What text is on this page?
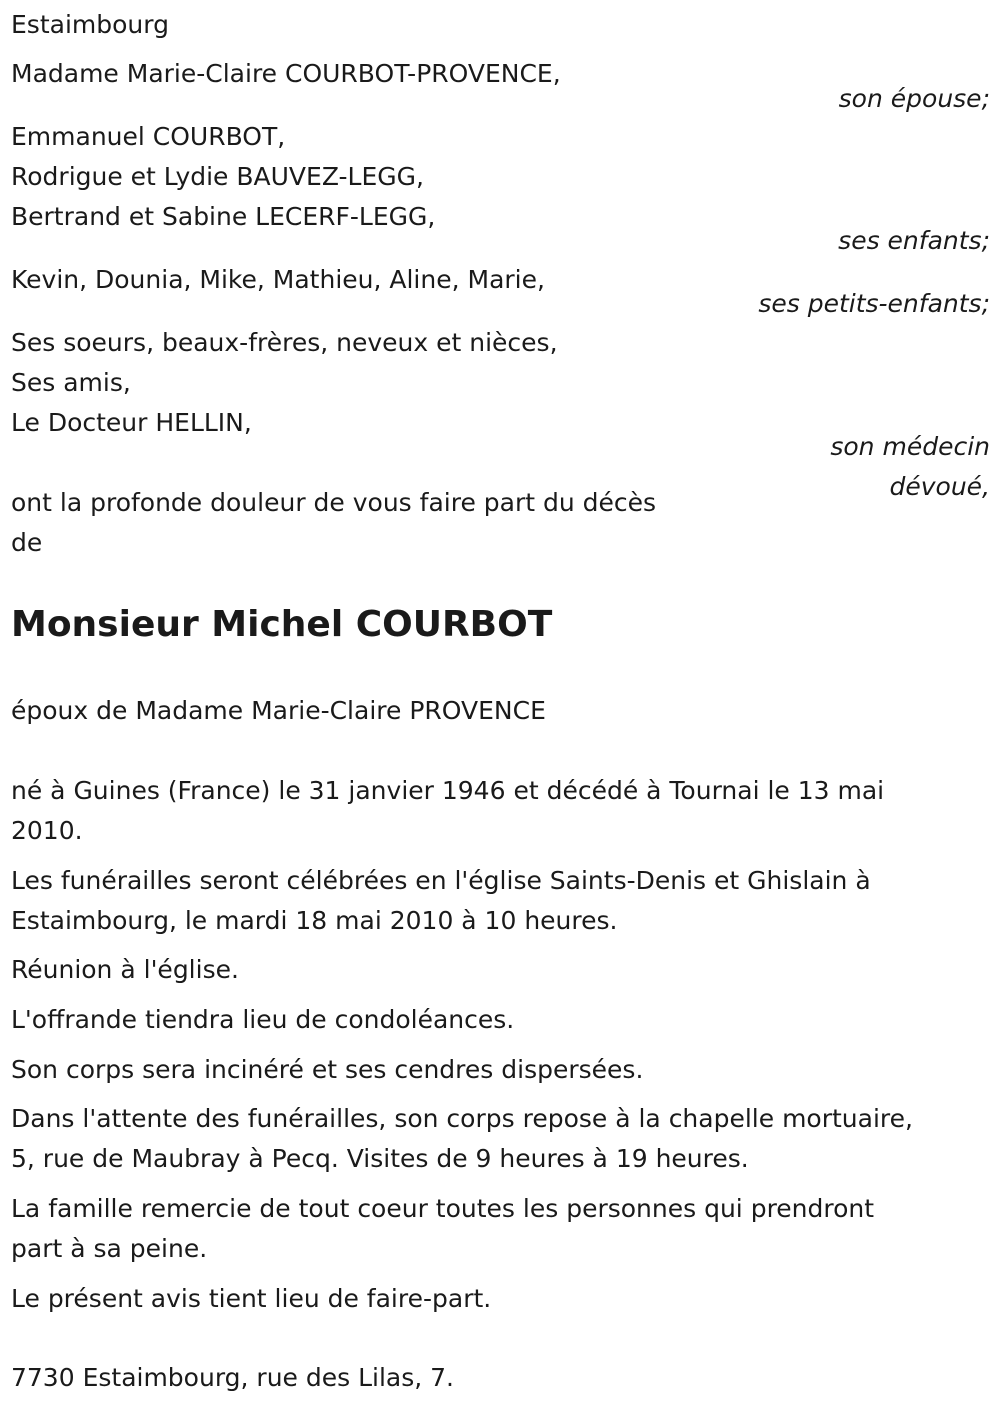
Estaimbourg
Madame Marie-Claire COURBOT-PROVENCE,
son épouse;
Emmanuel COURBOT,
Rodrigue et Lydie BAUVEZ-LEGG,
Bertrand et Sabine LECERF-LEGG,
ses enfants;
Kevin, Dounia, Mike, Mathieu, Aline, Marie,
ses petits-enfants;
Ses soeurs, beaux-frères, neveux et nièces,
Ses amis,
Le Docteur HELLIN,
son médecin
dévoué,
ont la profonde douleur de vous faire part du décès
de
Monsieur Michel COURBOT
époux de Madame Marie-Claire PROVENCE
né à Guines (France) le 31 janvier 1946 et décédé à Tournai le 13 mai
2010.
Les funérailles seront célébrées en l'église Saints-Denis et Ghislain à
Estaimbourg, le mardi 18 mai 2010 à 10 heures.
Réunion à l'église.
L'offrande tiendra lieu de condoléances.
Son corps sera incinéré et ses cendres dispersées.
Dans l'attente des funérailles, son corps repose à la chapelle mortuaire,
5, rue de Maubray à Pecq. Visites de 9 heures à 19 heures.
La famille remercie de tout coeur toutes les personnes qui prendront
part à sa peine.
Le présent avis tient lieu de faire-part.
7730 Estaimbourg, rue des Lilas, 7.
